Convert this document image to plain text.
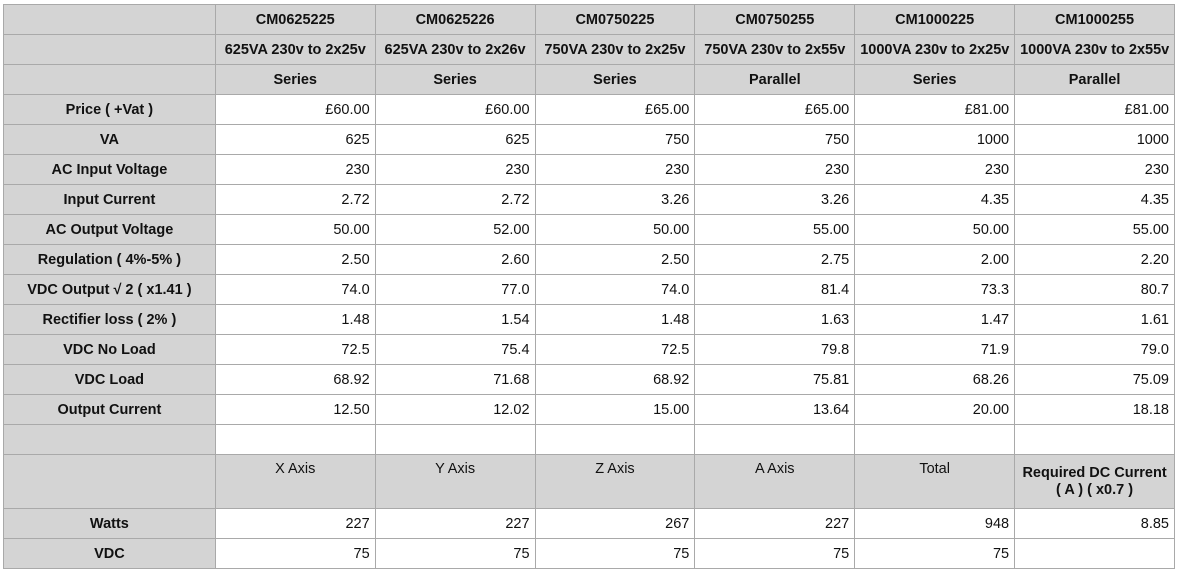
	CM0625225	CM0625226	CM0750225	CM0750255	CM1000225	CM1000255
	625VA 230v to 2x25v	625VA 230v to 2x26v	750VA 230v to 2x25v	750VA 230v to 2x55v	1000VA 230v to 2x25v	1000VA 230v to 2x55v
	Series	Series	Series	Parallel	Series	Parallel
Price ( +Vat )	£60.00	£60.00	£65.00	£65.00	£81.00	£81.00
VA	625	625	750	750	1000	1000
AC Input Voltage	230	230	230	230	230	230
Input Current	2.72	2.72	3.26	3.26	4.35	4.35
AC Output Voltage	50.00	52.00	50.00	55.00	50.00	55.00
Regulation ( 4%-5% )	2.50	2.60	2.50	2.75	2.00	2.20
VDC Output √ 2 ( x1.41 )	74.0	77.0	74.0	81.4	73.3	80.7
Rectifier loss ( 2% )	1.48	1.54	1.48	1.63	1.47	1.61
VDC No Load	72.5	75.4	72.5	79.8	71.9	79.0
VDC Load	68.92	71.68	68.92	75.81	68.26	75.09
Output Current	12.50	12.02	15.00	13.64	20.00	18.18

	X Axis	Y Axis	Z Axis	A Axis	Total	Required DC Current ( A ) ( x0.7 )
Watts	227	227	267	227	948	8.85
VDC	75	75	75	75	75	
